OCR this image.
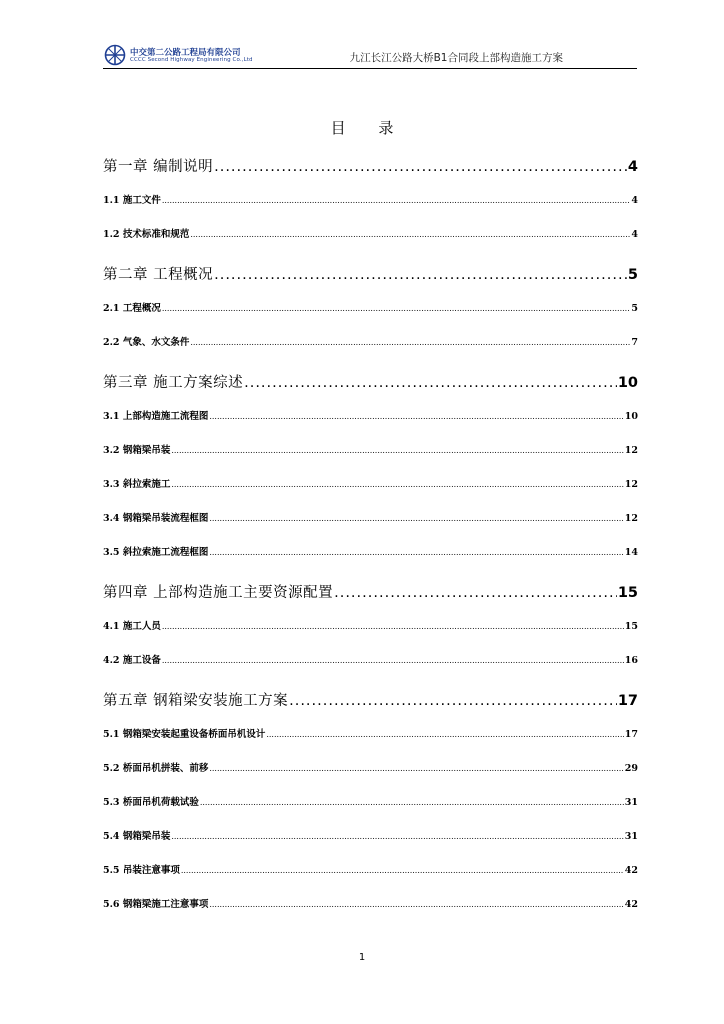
中交第二公路工程局有限公司
CCCC Second Highway Engineering Co.,Ltd	九江长江公路大桥B1合同段上部构造施工方案
目 录
第一章 编制说明 .....	4
1.1 施工文件 .....	4
1.2 技术标准和规范 .....	4
第二章 工程概况 .....	5
2.1 工程概况 .....	5
2.2 气象、水文条件 .....	7
第三章 施工方案综述 .....	10
3.1 上部构造施工流程图 .....	10
3.2 钢箱梁吊装 .....	12
3.3 斜拉索施工 .....	12
3.4 钢箱梁吊装流程框图 .....	12
3.5 斜拉索施工流程框图 .....	14
第四章 上部构造施工主要资源配置 .....	15
4.1 施工人员 .....	15
4.2 施工设备 .....	16
第五章 钢箱梁安装施工方案 .....	17
5.1 钢箱梁安装起重设备桥面吊机设计 .....	17
5.2 桥面吊机拼装、前移 .....	29
5.3 桥面吊机荷载试验 .....	31
5.4 钢箱梁吊装 .....	31
5.5 吊装注意事项 .....	42
5.6 钢箱梁施工注意事项 .....	42
1
